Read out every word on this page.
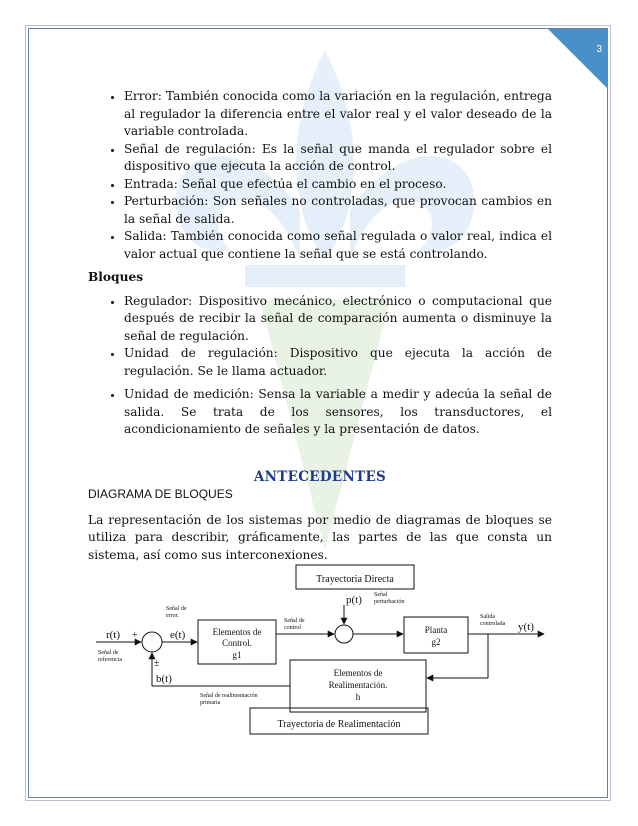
3
• Error: También conocida como la variación en la regulación, entrega al regulador la diferencia entre el valor real y el valor deseado de la variable controlada.
• Señal de regulación: Es la señal que manda el regulador sobre el dispositivo que ejecuta la acción de control.
• Entrada: Señal que efectúa el cambio en el proceso.
• Perturbación: Son señales no controladas, que provocan cambios en la señal de salida.
• Salida: También conocida como señal regulada o valor real, indica el valor actual que contiene la señal que se está controlando.
Bloques
• Regulador: Dispositivo mecánico, electrónico o computacional que después de recibir la señal de comparación aumenta o disminuye la señal de regulación.
• Unidad de regulación: Dispositivo que ejecuta la acción de regulación. Se le llama actuador.
• Unidad de medición: Sensa la variable a medir y adecúa la señal de salida. Se trata de los sensores, los transductores, el acondicionamiento de señales y la presentación de datos.
ANTECEDENTES
DIAGRAMA DE BLOQUES
La representación de los sistemas por medio de diagramas de bloques se utiliza para describir, gráficamente, las partes de las que consta un sistema, así como sus interconexiones.
Trayectoria Directa
Trayectoria de Realimentación
r(t) +
Señal de
referencia
Señal de
error.
e(t)	Elementos de
Control.
g1
Señal de
control
p(t) Señal
perturbación
Planta
g2
Salida
controlada y(t)
±
b(t)	Elementos de
Realimentación.
h
Señal de realimentación
primaria
